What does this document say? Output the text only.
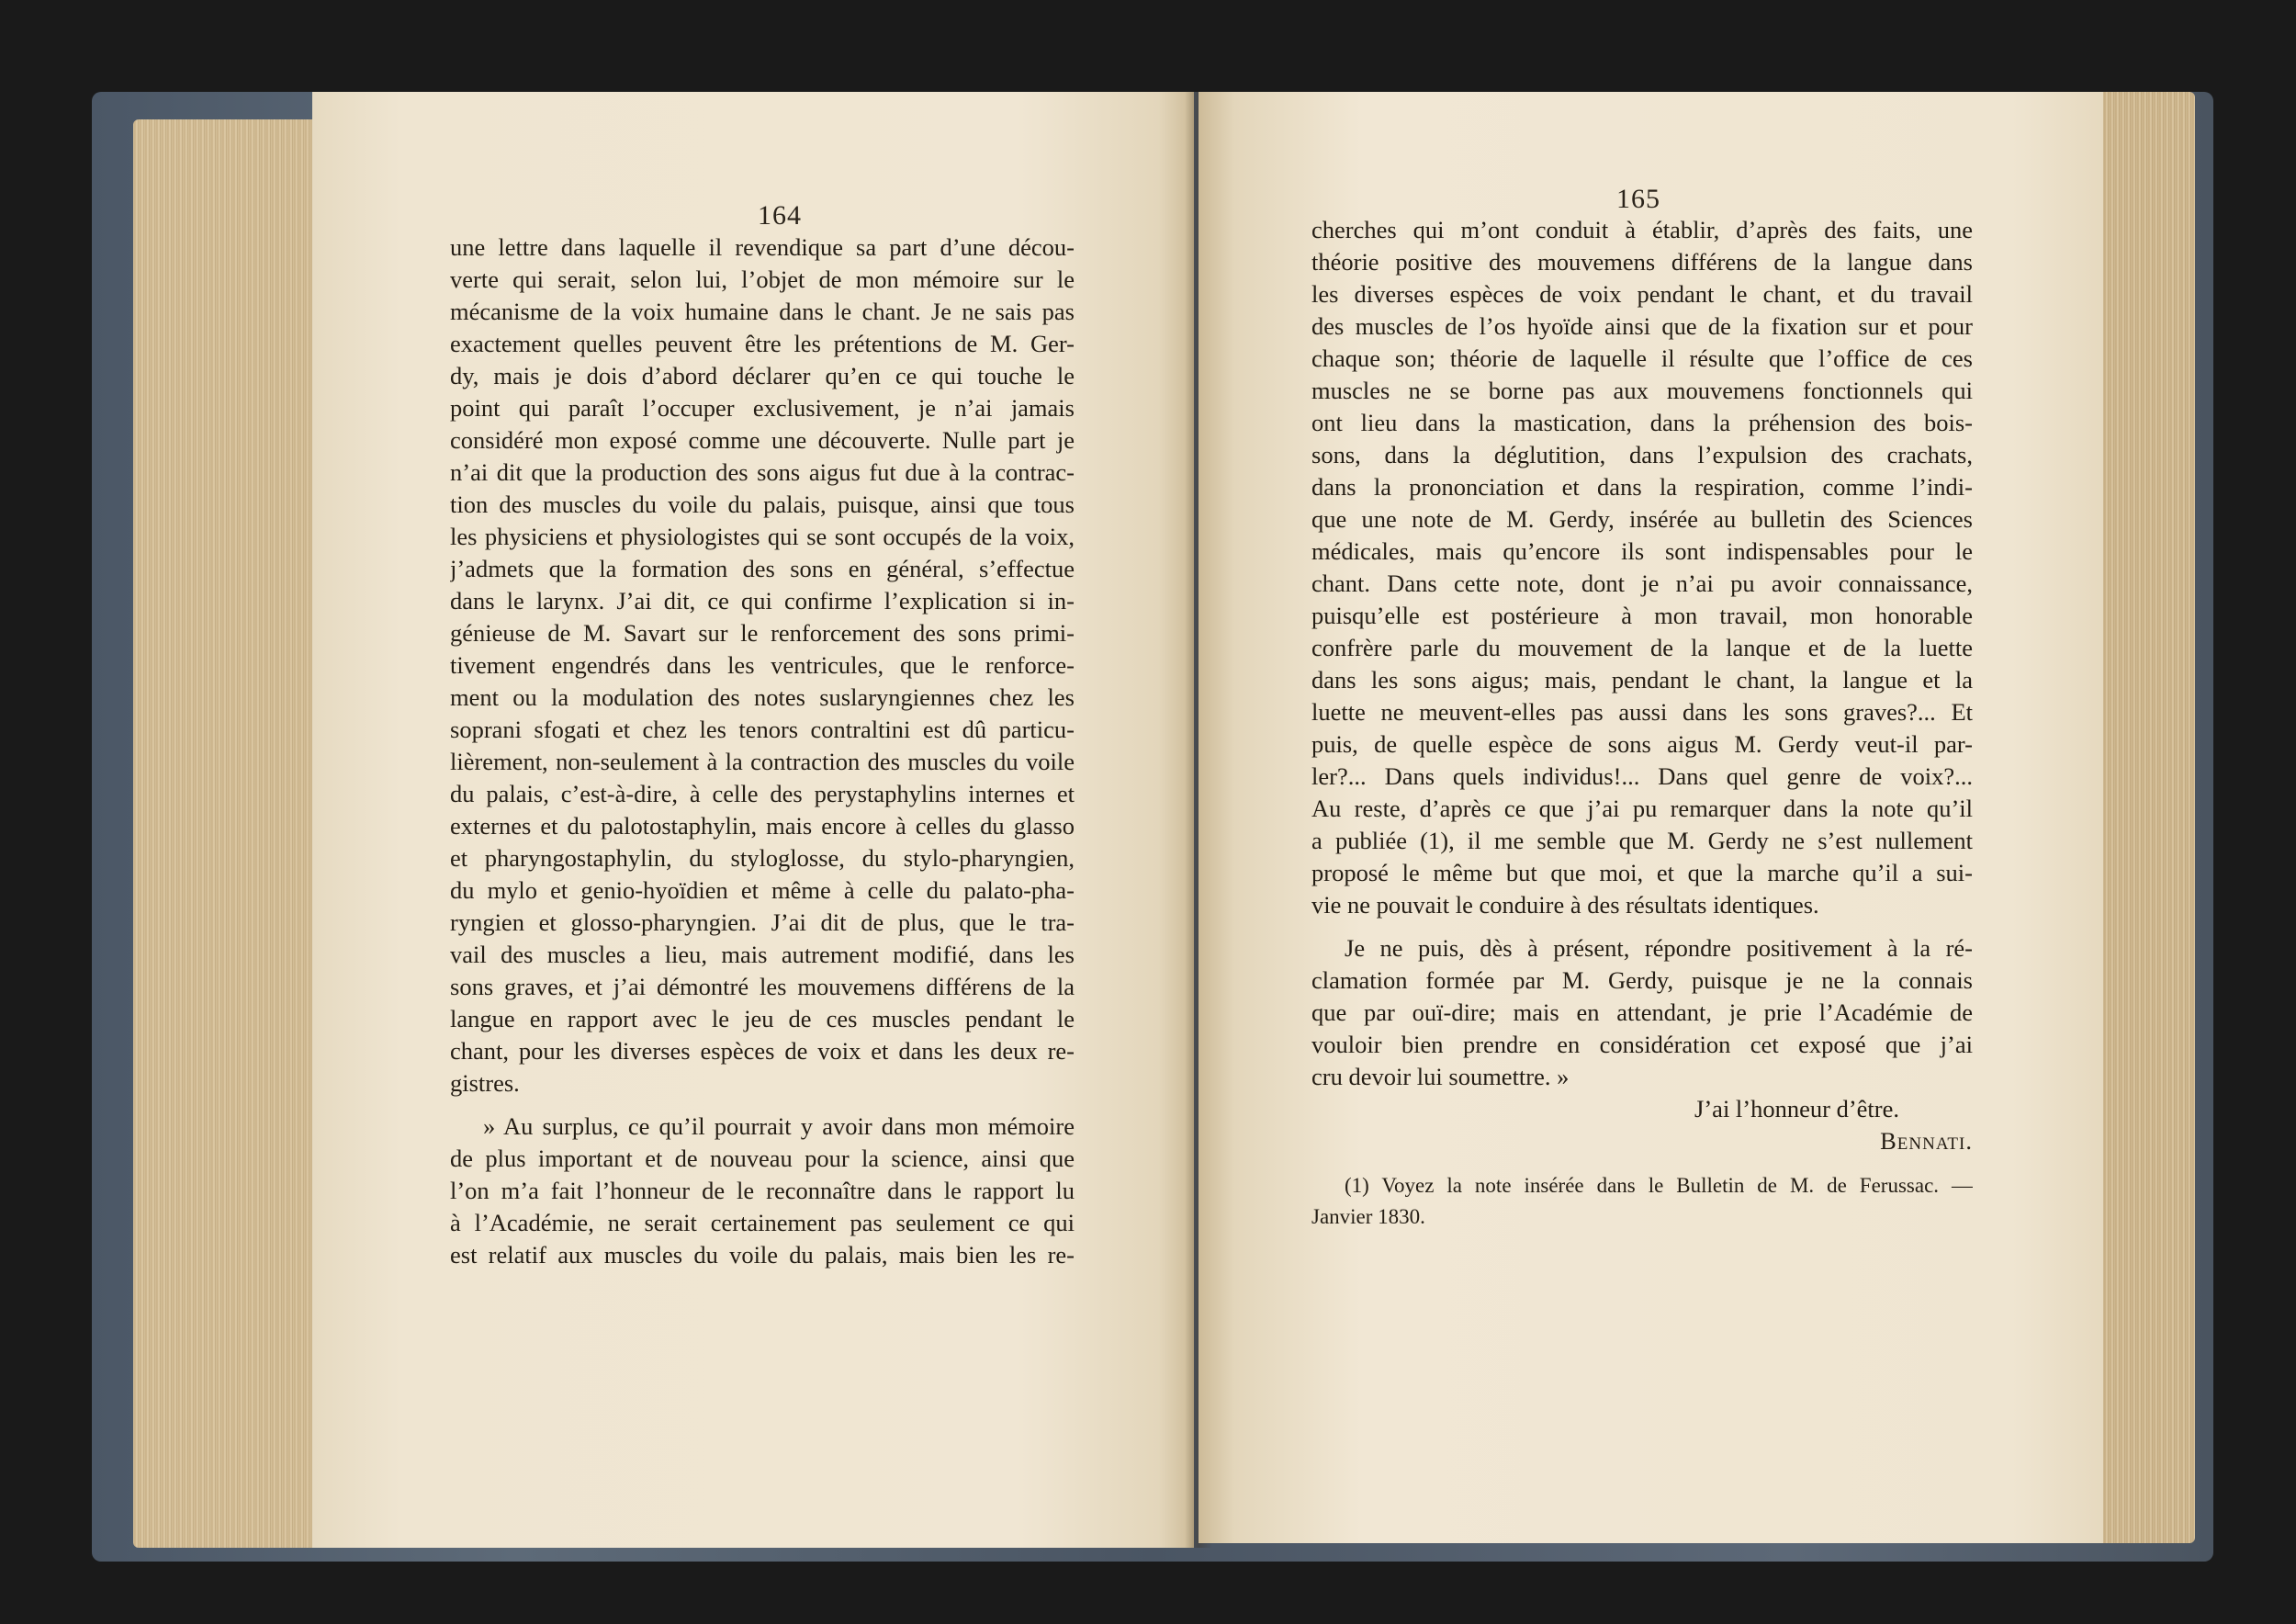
164
une lettre dans laquelle il revendique sa part d’une décou-
verte qui serait, selon lui, l’objet de mon mémoire sur le
mécanisme de la voix humaine dans le chant. Je ne sais pas
exactement quelles peuvent être les prétentions de M. Ger-
dy, mais je dois d’abord déclarer qu’en ce qui touche le
point qui paraît l’occuper exclusivement, je n’ai jamais
considéré mon exposé comme une découverte. Nulle part je
n’ai dit que la production des sons aigus fut due à la contrac-
tion des muscles du voile du palais, puisque, ainsi que tous
les physiciens et physiologistes qui se sont occupés de la voix,
j’admets que la formation des sons en général, s’effectue
dans le larynx. J’ai dit, ce qui confirme l’explication si in-
génieuse de M. Savart sur le renforcement des sons primi-
tivement engendrés dans les ventricules, que le renforce-
ment ou la modulation des notes suslaryngiennes chez les
soprani sfogati et chez les tenors contraltini est dû particu-
lièrement, non-seulement à la contraction des muscles du voile
du palais, c’est-à-dire, à celle des perystaphylins internes et
externes et du palotostaphylin, mais encore à celles du glasso
et pharyngostaphylin, du styloglosse, du stylo-pharyngien,
du mylo et genio-hyoïdien et même à celle du palato-pha-
ryngien et glosso-pharyngien. J’ai dit de plus, que le tra-
vail des muscles a lieu, mais autrement modifié, dans les
sons graves, et j’ai démontré les mouvemens différens de la
langue en rapport avec le jeu de ces muscles pendant le
chant, pour les diverses espèces de voix et dans les deux re-
gistres.
» Au surplus, ce qu’il pourrait y avoir dans mon mémoire
de plus important et de nouveau pour la science, ainsi que
l’on m’a fait l’honneur de le reconnaître dans le rapport lu
à l’Académie, ne serait certainement pas seulement ce qui
est relatif aux muscles du voile du palais, mais bien les re-
165
cherches qui m’ont conduit à établir, d’après des faits, une
théorie positive des mouvemens différens de la langue dans
les diverses espèces de voix pendant le chant, et du travail
des muscles de l’os hyoïde ainsi que de la fixation sur et pour
chaque son; théorie de laquelle il résulte que l’office de ces
muscles ne se borne pas aux mouvemens fonctionnels qui
ont lieu dans la mastication, dans la préhension des bois-
sons, dans la déglutition, dans l’expulsion des crachats,
dans la prononciation et dans la respiration, comme l’indi-
que une note de M. Gerdy, insérée au bulletin des Sciences
médicales, mais qu’encore ils sont indispensables pour le
chant. Dans cette note, dont je n’ai pu avoir connaissance,
puisqu’elle est postérieure à mon travail, mon honorable
confrère parle du mouvement de la lanque et de la luette
dans les sons aigus; mais, pendant le chant, la langue et la
luette ne meuvent-elles pas aussi dans les sons graves?... Et
puis, de quelle espèce de sons aigus M. Gerdy veut-il par-
ler?... Dans quels individus!... Dans quel genre de voix?...
Au reste, d’après ce que j’ai pu remarquer dans la note qu’il
a publiée (1), il me semble que M. Gerdy ne s’est nullement
proposé le même but que moi, et que la marche qu’il a sui-
vie ne pouvait le conduire à des résultats identiques.
Je ne puis, dès à présent, répondre positivement à la ré-
clamation formée par M. Gerdy, puisque je ne la connais
que par ouï-dire; mais en attendant, je prie l’Académie de
vouloir bien prendre en considération cet exposé que j’ai
cru devoir lui soumettre. »
J’ai l’honneur d’être.
Bennati.
(1) Voyez la note insérée dans le Bulletin de M. de Ferussac. —
Janvier 1830.
